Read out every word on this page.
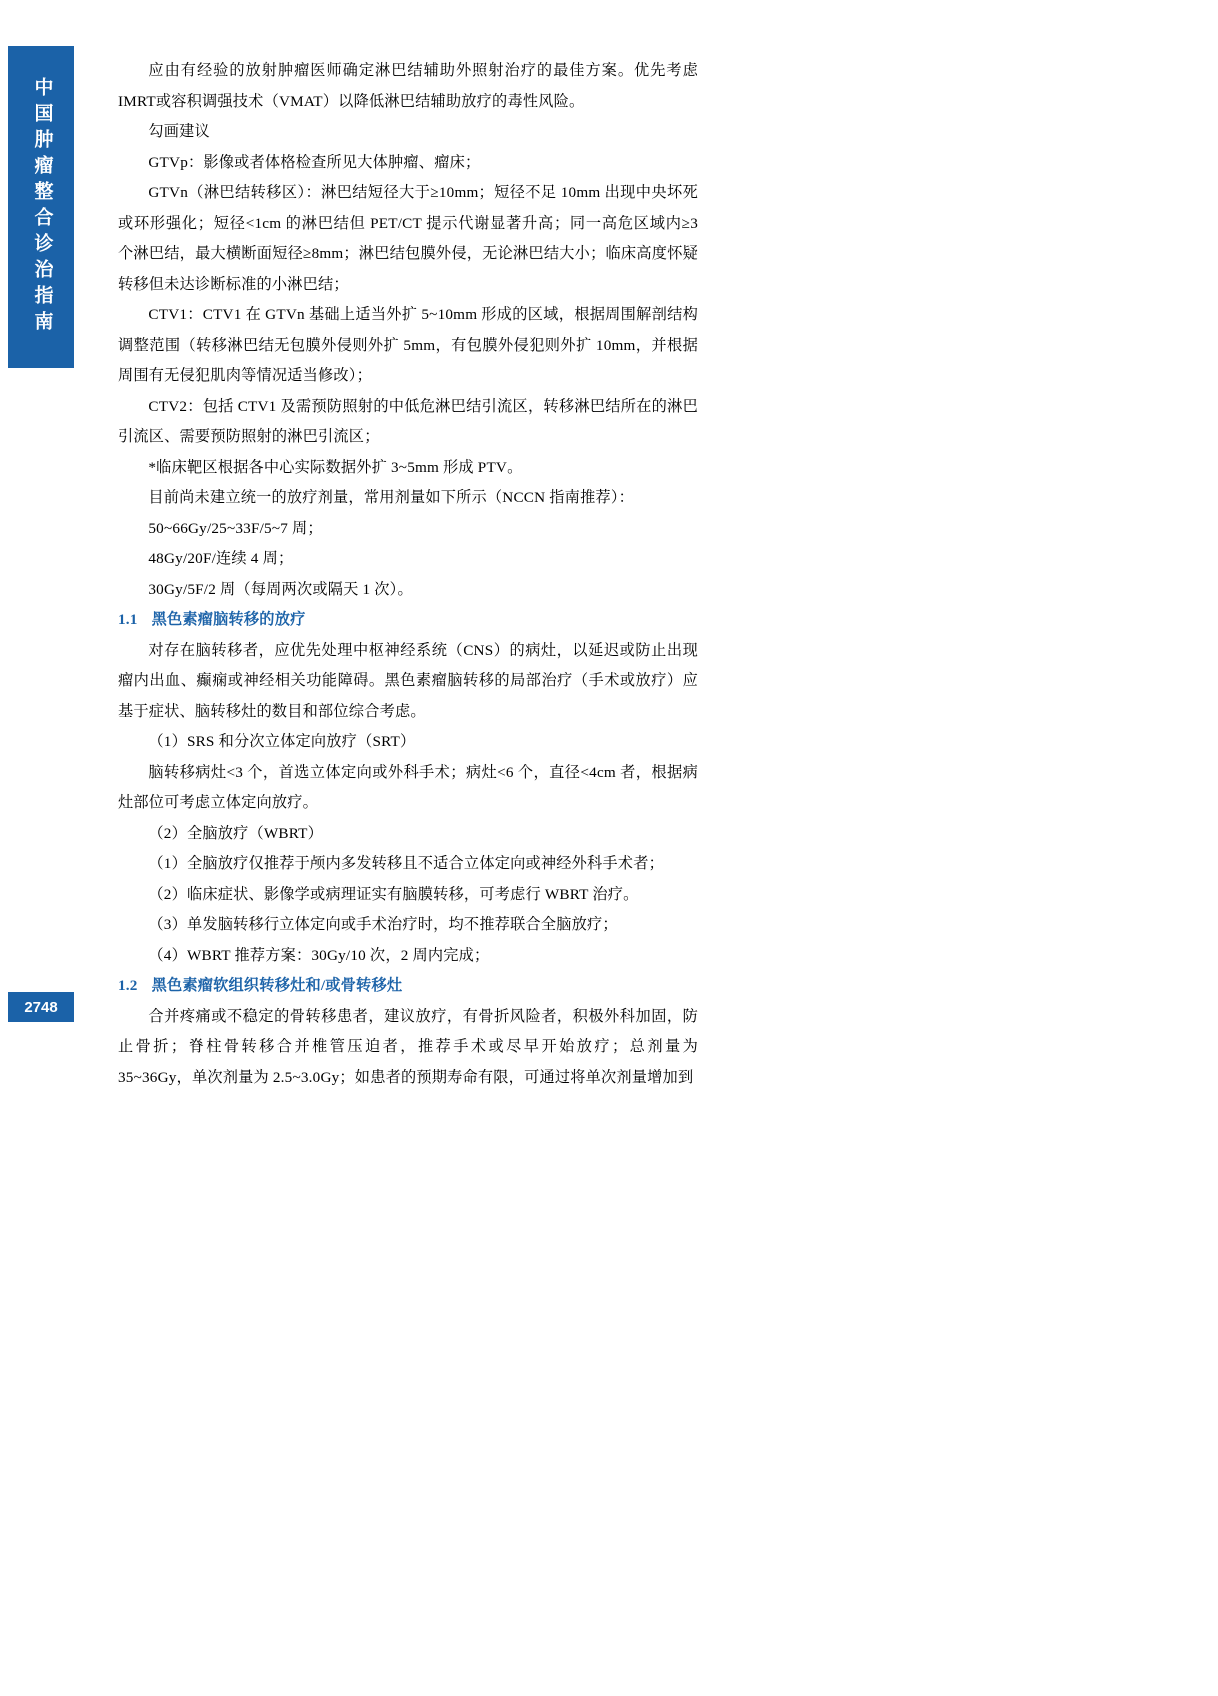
中国肿瘤整合诊治指南
2748

应由有经验的放射肿瘤医师确定淋巴结辅助外照射治疗的最佳方案。优先考虑IMRT或容积调强技术（VMAT）以降低淋巴结辅助放疗的毒性风险。

勾画建议

GTVp：影像或者体格检查所见大体肿瘤、瘤床；

GTVn（淋巴结转移区）：淋巴结短径大于≥10mm；短径不足 10mm 出现中央坏死或环形强化；短径<1cm 的淋巴结但 PET/CT 提示代谢显著升高；同一高危区域内≥3 个淋巴结，最大横断面短径≥8mm；淋巴结包膜外侵，无论淋巴结大小；临床高度怀疑转移但未达诊断标准的小淋巴结；

CTV1：CTV1 在 GTVn 基础上适当外扩 5~10mm 形成的区域，根据周围解剖结构调整范围（转移淋巴结无包膜外侵则外扩 5mm，有包膜外侵犯则外扩 10mm，并根据周围有无侵犯肌肉等情况适当修改）；

CTV2：包括 CTV1 及需预防照射的中低危淋巴结引流区，转移淋巴结所在的淋巴引流区、需要预防照射的淋巴引流区；

*临床靶区根据各中心实际数据外扩 3~5mm 形成 PTV。

目前尚未建立统一的放疗剂量，常用剂量如下所示（NCCN 指南推荐）：

50~66Gy/25~33F/5~7 周；

48Gy/20F/连续 4 周；

30Gy/5F/2 周（每周两次或隔天 1 次）。

1.1 黑色素瘤脑转移的放疗

对存在脑转移者，应优先处理中枢神经系统（CNS）的病灶，以延迟或防止出现瘤内出血、癫痫或神经相关功能障碍。黑色素瘤脑转移的局部治疗（手术或放疗）应基于症状、脑转移灶的数目和部位综合考虑。

（1）SRS 和分次立体定向放疗（SRT）

脑转移病灶<3 个，首选立体定向或外科手术；病灶<6 个，直径<4cm 者，根据病灶部位可考虑立体定向放疗。

（2）全脑放疗（WBRT）

（1）全脑放疗仅推荐于颅内多发转移且不适合立体定向或神经外科手术者；

（2）临床症状、影像学或病理证实有脑膜转移，可考虑行 WBRT 治疗。

（3）单发脑转移行立体定向或手术治疗时，均不推荐联合全脑放疗；

（4）WBRT 推荐方案：30Gy/10 次，2 周内完成；

1.2 黑色素瘤软组织转移灶和/或骨转移灶

合并疼痛或不稳定的骨转移患者，建议放疗，有骨折风险者，积极外科加固，防止骨折；脊柱骨转移合并椎管压迫者，推荐手术或尽早开始放疗；总剂量为 35~36Gy，单次剂量为 2.5~3.0Gy；如患者的预期寿命有限，可通过将单次剂量增加到
